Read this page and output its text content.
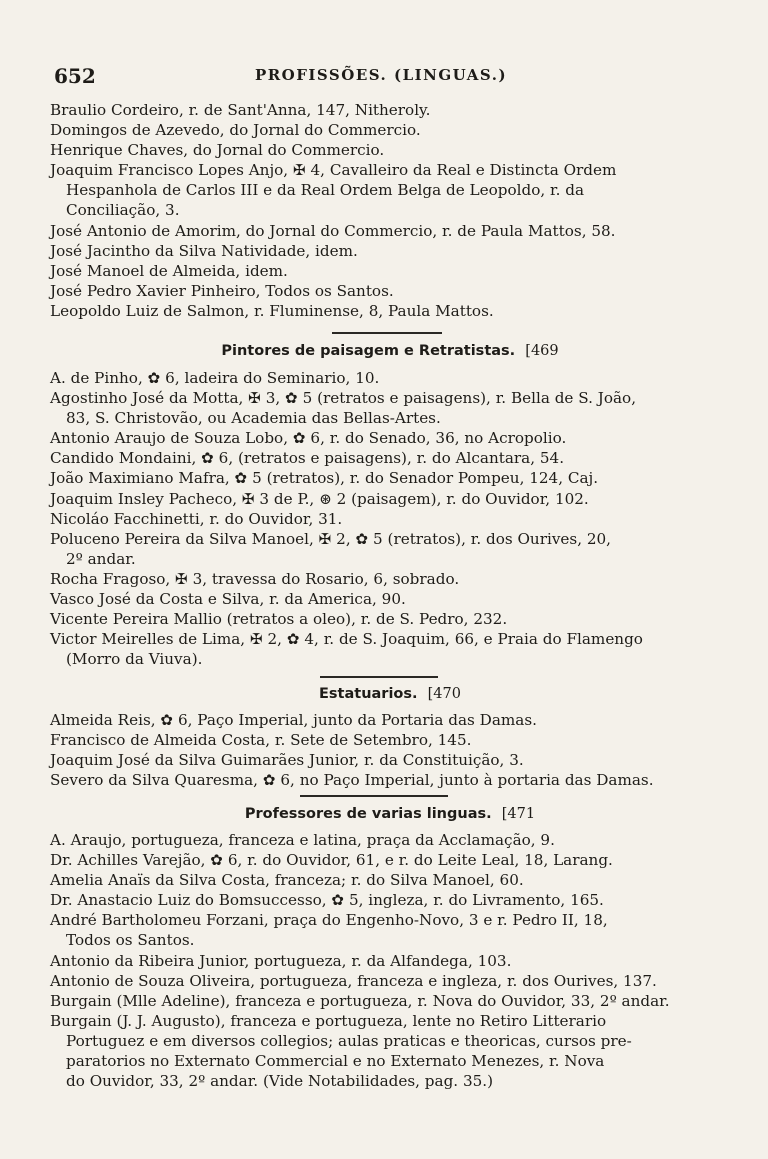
652	PROFISSÕES. (LINGUAS.)
Braulio Cordeiro, r. de Sant'Anna, 147, Nitheroly.
Domingos de Azevedo, do Jornal do Commercio.
Henrique Chaves, do Jornal do Commercio.
Joaquim Francisco Lopes Anjo, ✠ 4, Cavalleiro da Real e Distincta Ordem
Hespanhola de Carlos III e da Real Ordem Belga de Leopoldo, r. da
Conciliação, 3.
José Antonio de Amorim, do Jornal do Commercio, r. de Paula Mattos, 58.
José Jacintho da Silva Natividade, idem.
José Manoel de Almeida, idem.
José Pedro Xavier Pinheiro, Todos os Santos.
Leopoldo Luiz de Salmon, r. Fluminense, 8, Paula Mattos.
Pintores de paisagem e Retratistas. [469
A. de Pinho, ✿ 6, ladeira do Seminario, 10.
Agostinho José da Motta, ✠ 3, ✿ 5 (retratos e paisagens), r. Bella de S. João,
83, S. Christovão, ou Academia das Bellas-Artes.
Antonio Araujo de Souza Lobo, ✿ 6, r. do Senado, 36, no Acropolio.
Candido Mondaini, ✿ 6, (retratos e paisagens), r. do Alcantara, 54.
João Maximiano Mafra, ✿ 5 (retratos), r. do Senador Pompeu, 124, Caj.
Joaquim Insley Pacheco, ✠ 3 de P., ⊛ 2 (paisagem), r. do Ouvidor, 102.
Nicoláo Facchinetti, r. do Ouvidor, 31.
Poluceno Pereira da Silva Manoel, ✠ 2, ✿ 5 (retratos), r. dos Ourives, 20,
2º andar.
Rocha Fragoso, ✠ 3, travessa do Rosario, 6, sobrado.
Vasco José da Costa e Silva, r. da America, 90.
Vicente Pereira Mallio (retratos a oleo), r. de S. Pedro, 232.
Victor Meirelles de Lima, ✠ 2, ✿ 4, r. de S. Joaquim, 66, e Praia do Flamengo
(Morro da Viuva).
Estatuarios. [470
Almeida Reis, ✿ 6, Paço Imperial, junto da Portaria das Damas.
Francisco de Almeida Costa, r. Sete de Setembro, 145.
Joaquim José da Silva Guimarães Junior, r. da Constituição, 3.
Severo da Silva Quaresma, ✿ 6, no Paço Imperial, junto à portaria das Damas.
Professores de varias linguas. [471
A. Araujo, portugueza, franceza e latina, praça da Acclamação, 9.
Dr. Achilles Varejão, ✿ 6, r. do Ouvidor, 61, e r. do Leite Leal, 18, Larang.
Amelia Anaïs da Silva Costa, franceza; r. do Silva Manoel, 60.
Dr. Anastacio Luiz do Bomsuccesso, ✿ 5, ingleza, r. do Livramento, 165.
André Bartholomeu Forzani, praça do Engenho-Novo, 3 e r. Pedro II, 18,
Todos os Santos.
Antonio da Ribeira Junior, portugueza, r. da Alfandega, 103.
Antonio de Souza Oliveira, portugueza, franceza e ingleza, r. dos Ourives, 137.
Burgain (Mlle Adeline), franceza e portugueza, r. Nova do Ouvidor, 33, 2º andar.
Burgain (J. J. Augusto), franceza e portugueza, lente no Retiro Litterario
Portuguez e em diversos collegios; aulas praticas e theoricas, cursos pre-
paratorios no Externato Commercial e no Externato Menezes, r. Nova
do Ouvidor, 33, 2º andar. (Vide Notabilidades, pag. 35.)
